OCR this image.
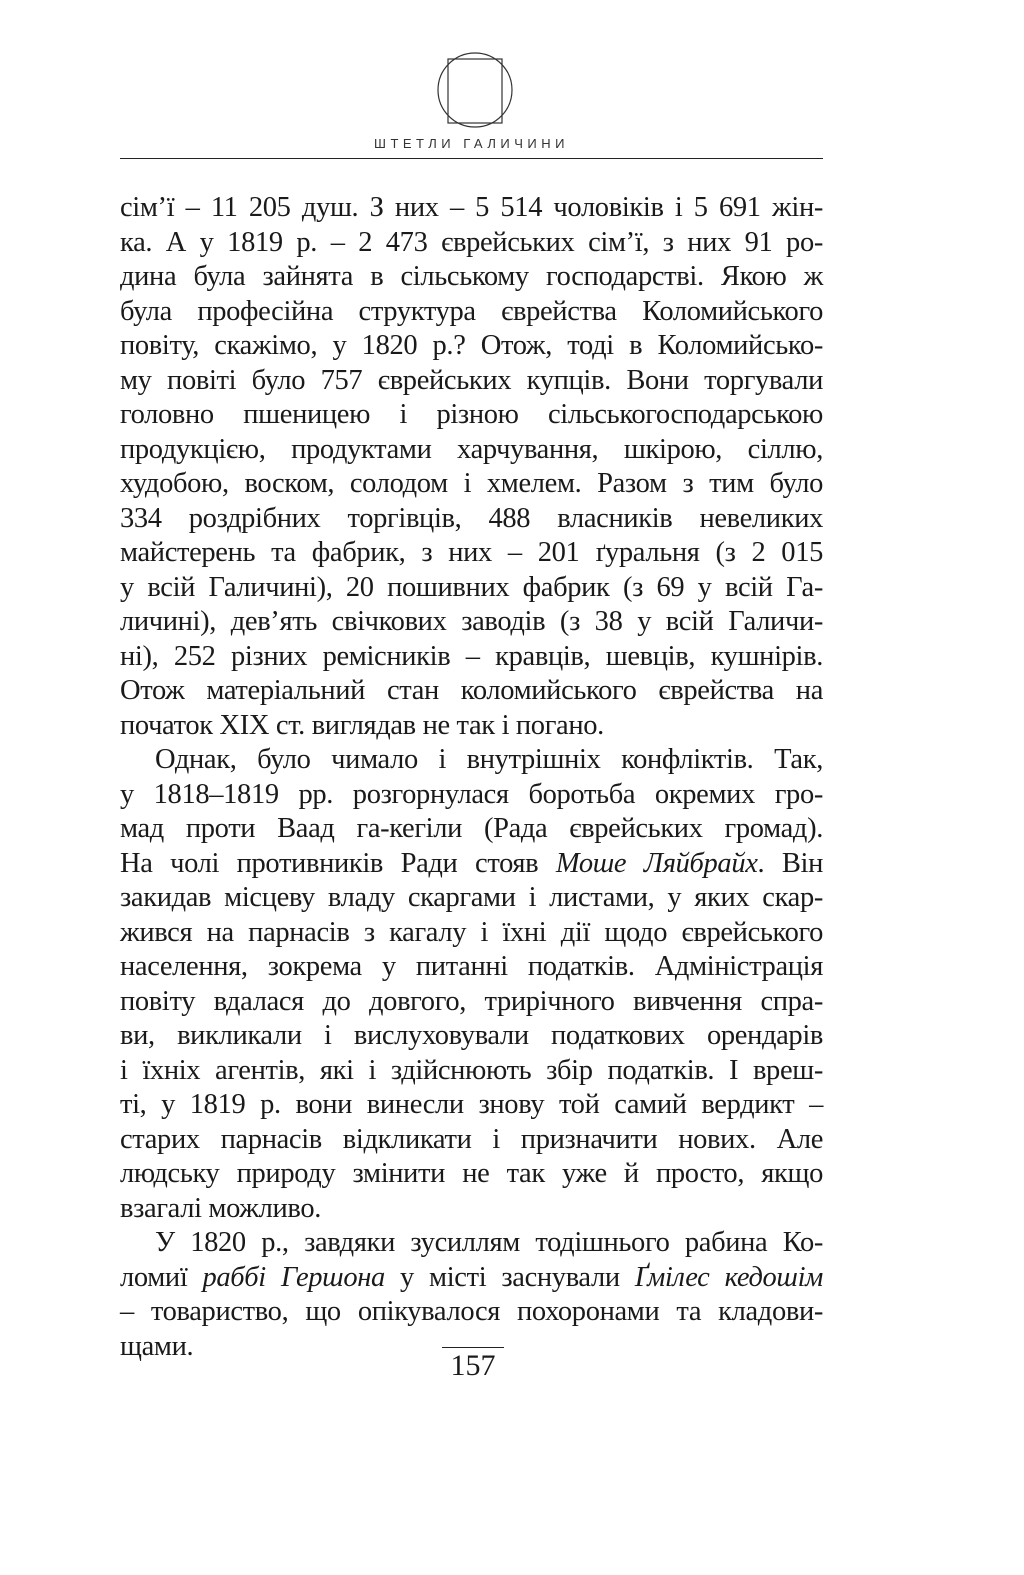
ШТЕТЛИ ГАЛИЧИНИ
сім’ї – 11 205 душ. З них – 5 514 чоловіків і 5 691 жін-
ка. А у 1819 р. – 2 473 єврейських сім’ї, з них 91 ро-
дина була зайнята в сільському господарстві. Якою ж
була професійна структура єврейства Коломийського
повіту, скажімо, у 1820 р.? Отож, тоді в Коломийсько-
му повіті було 757 єврейських купців. Вони торгували
головно пшеницею і різною сільськогосподарською
продукцією, продуктами харчування, шкірою, сіллю,
худобою, воском, солодом і хмелем. Разом з тим було
334 роздрібних торгівців, 488 власників невеликих
майстерень та фабрик, з них – 201 ґуральня (з 2 015
у всій Галичині), 20 пошивних фабрик (з 69 у всій Га-
личині), дев’ять свічкових заводів (з 38 у всій Галичи-
ні), 252 різних ремісників – кравців, шевців, кушнірів.
Отож матеріальний стан коломийського єврейства на
початок ХІХ ст. виглядав не так і погано.
Однак, було чимало і внутрішніх конфліктів. Так,
у 1818–1819 рр. розгорнулася боротьба окремих гро-
мад проти Ваад га-кегіли (Рада єврейських громад).
На чолі противників Ради стояв Моше Ляйбрайх. Він
закидав місцеву владу скаргами і листами, у яких скар-
жився на парнасів з кагалу і їхні дії щодо єврейського
населення, зокрема у питанні податків. Адміністрація
повіту вдалася до довгого, трирічного вивчення спра-
ви, викликали і вислуховували податкових орендарів
і їхніх агентів, які і здійснюють збір податків. І вреш-
ті, у 1819 р. вони винесли знову той самий вердикт –
старих парнасів відкликати і призначити нових. Але
людську природу змінити не так уже й просто, якщо
взагалі можливо.
У 1820 р., завдяки зусиллям тодішнього рабина Ко-
ломиї раббі Гершона у місті заснували Ґмілес кедошім
– товариство, що опікувалося похоронами та кладови-
щами.
157
